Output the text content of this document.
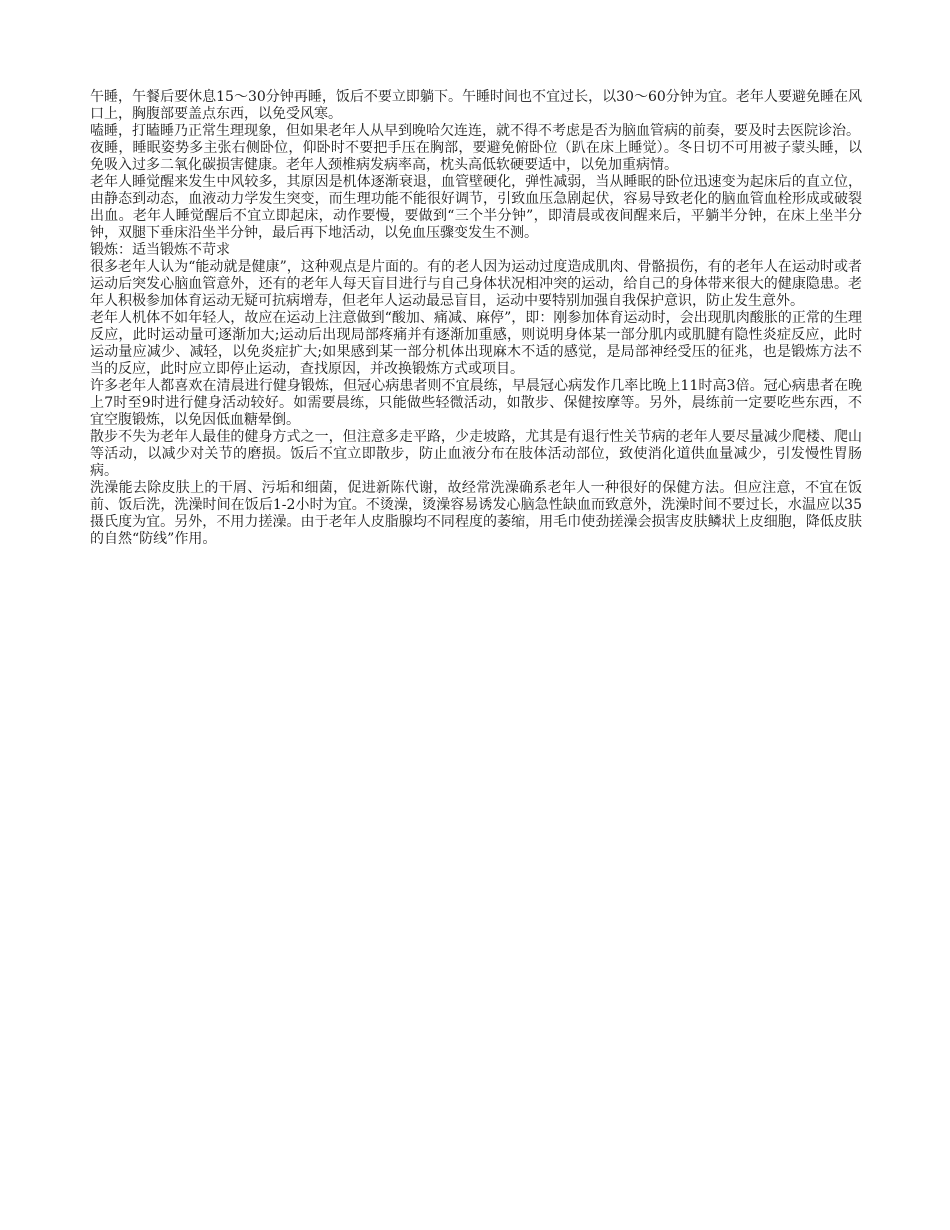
午睡，午餐后要休息15～30分钟再睡，饭后不要立即躺下。午睡时间也不宜过长，以30～60分钟为宜。老年人要避免睡在风口上，胸腹部要盖点东西，以免受风寒。

嗑睡，打瞌睡乃正常生理现象，但如果老年人从早到晚哈欠连连，就不得不考虑是否为脑血管病的前奏，要及时去医院诊治。

夜睡，睡眠姿势多主张右侧卧位，仰卧时不要把手压在胸部，要避免俯卧位（趴在床上睡觉）。冬日切不可用被子蒙头睡，以免吸入过多二氧化碳损害健康。老年人颈椎病发病率高，枕头高低软硬要适中，以免加重病情。

老年人睡觉醒来发生中风较多，其原因是机体逐渐衰退，血管壁硬化，弹性减弱，当从睡眠的卧位迅速变为起床后的直立位，由静态到动态，血液动力学发生突变，而生理功能不能很好调节，引致血压急剧起伏，容易导致老化的脑血管血栓形成或破裂出血。老年人睡觉醒后不宜立即起床，动作要慢，要做到“三个半分钟”，即清晨或夜间醒来后，平躺半分钟，在床上坐半分钟，双腿下垂床沿坐半分钟，最后再下地活动，以免血压骤变发生不测。

锻炼：适当锻炼不苛求

很多老年人认为“能动就是健康”，这种观点是片面的。有的老人因为运动过度造成肌肉、骨骼损伤，有的老年人在运动时或者运动后突发心脑血管意外，还有的老年人每天盲目进行与自己身体状况相冲突的运动，给自己的身体带来很大的健康隐患。老年人积极参加体育运动无疑可抗病增寿，但老年人运动最忌盲目，运动中要特别加强自我保护意识，防止发生意外。

老年人机体不如年轻人，故应在运动上注意做到“酸加、痛减、麻停”，即：刚参加体育运动时，会出现肌肉酸胀的正常的生理反应，此时运动量可逐渐加大;运动后出现局部疼痛并有逐渐加重感，则说明身体某一部分肌内或肌腱有隐性炎症反应，此时运动量应减少、减轻，以免炎症扩大;如果感到某一部分机体出现麻木不适的感觉，是局部神经受压的征兆，也是锻炼方法不当的反应，此时应立即停止运动，查找原因，并改换锻炼方式或项目。

许多老年人都喜欢在清晨进行健身锻炼，但冠心病患者则不宜晨练，早晨冠心病发作几率比晚上11时高3倍。冠心病患者在晚上7时至9时进行健身活动较好。如需要晨练，只能做些轻微活动，如散步、保健按摩等。另外，晨练前一定要吃些东西，不宜空腹锻炼，以免因低血糖晕倒。

散步不失为老年人最佳的健身方式之一，但注意多走平路，少走坡路，尤其是有退行性关节病的老年人要尽量减少爬楼、爬山等活动，以减少对关节的磨损。饭后不宜立即散步，防止血液分布在肢体活动部位，致使消化道供血量减少，引发慢性胃肠病。

洗澡能去除皮肤上的干屑、污垢和细菌，促进新陈代谢，故经常洗澡确系老年人一种很好的保健方法。但应注意，不宜在饭前、饭后洗，洗澡时间在饭后1-2小时为宜。不烫澡，烫澡容易诱发心脑急性缺血而致意外，洗澡时间不要过长，水温应以35摄氏度为宜。另外，不用力搓澡。由于老年人皮脂腺均不同程度的萎缩，用毛巾使劲搓澡会损害皮肤鳞状上皮细胞，降低皮肤的自然“防线”作用。
